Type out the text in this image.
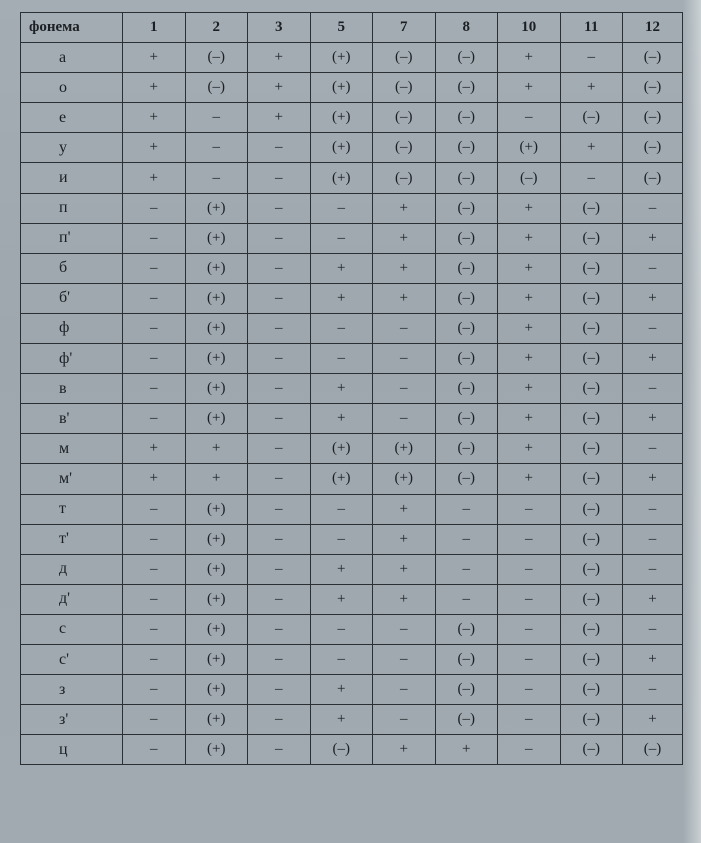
фонема	1	2	3	5	7	8	10	11	12
а	+	(–)	+	(+)	(–)	(–)	+	–	(–)
о	+	(–)	+	(+)	(–)	(–)	+	+	(–)
е	+	–	+	(+)	(–)	(–)	–	(–)	(–)
у	+	–	–	(+)	(–)	(–)	(+)	+	(–)
и	+	–	–	(+)	(–)	(–)	(–)	–	(–)
п	–	(+)	–	–	+	(–)	+	(–)	–
п'	–	(+)	–	–	+	(–)	+	(–)	+
б	–	(+)	–	+	+	(–)	+	(–)	–
б'	–	(+)	–	+	+	(–)	+	(–)	+
ф	–	(+)	–	–	–	(–)	+	(–)	–
ф'	–	(+)	–	–	–	(–)	+	(–)	+
в	–	(+)	–	+	–	(–)	+	(–)	–
в'	–	(+)	–	+	–	(–)	+	(–)	+
м	+	+	–	(+)	(+)	(–)	+	(–)	–
м'	+	+	–	(+)	(+)	(–)	+	(–)	+
т	–	(+)	–	–	+	–	–	(–)	–
т'	–	(+)	–	–	+	–	–	(–)	–
д	–	(+)	–	+	+	–	–	(–)	–
д'	–	(+)	–	+	+	–	–	(–)	+
с	–	(+)	–	–	–	(–)	–	(–)	–
с'	–	(+)	–	–	–	(–)	–	(–)	+
з	–	(+)	–	+	–	(–)	–	(–)	–
з'	–	(+)	–	+	–	(–)	–	(–)	+
ц	–	(+)	–	(–)	+	+	–	(–)	(–)
